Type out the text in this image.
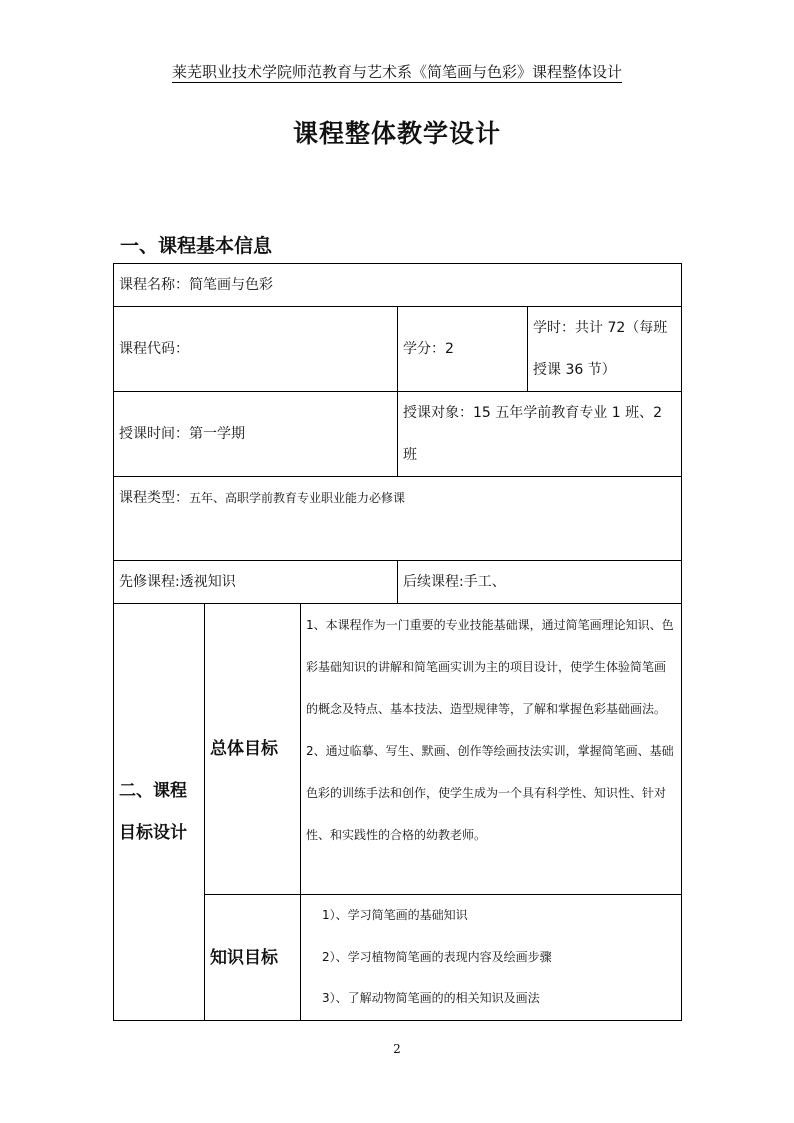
莱芜职业技术学院师范教育与艺术系《简笔画与色彩》课程整体设计
课程整体教学设计
一、课程基本信息
课程名称：简笔画与色彩				
课程代码：			学分：2	学时：共计 72（每班授课 36 节）
授课时间：第一学期			授课对象：15 五年学前教育专业 1 班、2 班	
课程类型：五年、高职学前教育专业职业能力必修课				
先修课程:透视知识			后续课程:手工、	
二、课程目标设计	总体目标	1、本课程作为一门重要的专业技能基础课，通过简笔画理论知识、色彩基础知识的讲解和简笔画实训为主的项目设计，使学生体验简笔画的概念及特点、基本技法、造型规律等，了解和掌握色彩基础画法。
2、通过临摹、写生、默画、创作等绘画技法实训，掌握简笔画、基础色彩的训练手法和创作，使学生成为一个具有科学性、知识性、针对性、和实践性的合格的幼教老师。		

	知识目标	1）、学习简笔画的基础知识
2）、学习植物简笔画的表现内容及绘画步骤
3）、了解动物简笔画的的相关知识及画法		
2
